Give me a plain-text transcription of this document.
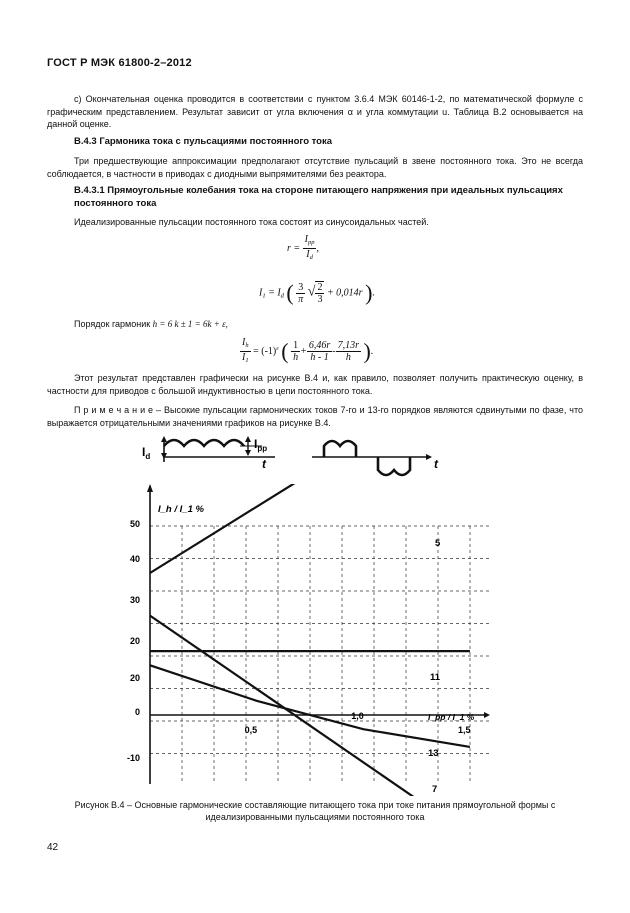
ГОСТ Р МЭК 61800-2–2012
с) Окончательная оценка проводится в соответствии с пунктом 3.6.4 МЭК 60146-1-2, по математической формуле с графическим представлением. Результат зависит от угла включения α и угла коммутации u. Таблица В.2 основывается на данной оценке.
В.4.3 Гармоника тока с пульсациями постоянного тока
Три предшествующие аппроксимации предполагают отсутствие пульсаций в звене постоянного тока. Это не всегда соблюдается, в частности в приводах с диодными выпрямителями без реактора.
В.4.3.1 Прямоугольные колебания тока на стороне питающего напряжения при идеальных пульсациях постоянного тока
Идеализированные пульсации постоянного тока состоят из синусоидальных частей.
$r = \frac{I_{pp}}{I_d}$ ,
$I_1 = I_d$ ( $\frac{3}{\pi}$ √ $\frac{2}{3} + 0,014r$ ).
Порядок гармоник h = 6 k ± 1 = 6k + ε,
$\frac{I_h}{I_1} = (-1)^\varepsilon$ ( $\frac{1}{h} + \frac{6,46r}{h - 1} - \frac{7,13r}{h}$ ).
Этот результат представлен графически на рисунке В.4 и, как правило, позволяет получить практическую оценку, в частности для приводов с большой индуктивностью в цепи постоянного тока.
П р и м е ч а н и е – Высокие пульсации гармонических токов 7-го и 13-го порядков являются сдвинутыми по фазе, что выражается отрицательными значениями графиков на рисунке В.4.
$I_d$
$I_{pp}$
t	t
50
40
30
20
20
0
-10
0,5
1,0
1,5
5
11
13
7
I_h / I_1 %
I_pp / I_1 %
Рисунок В.4 – Основные гармонические составляющие питающего тока при токе питания прямоугольной формы с идеализированными пульсациями постоянного тока
42
